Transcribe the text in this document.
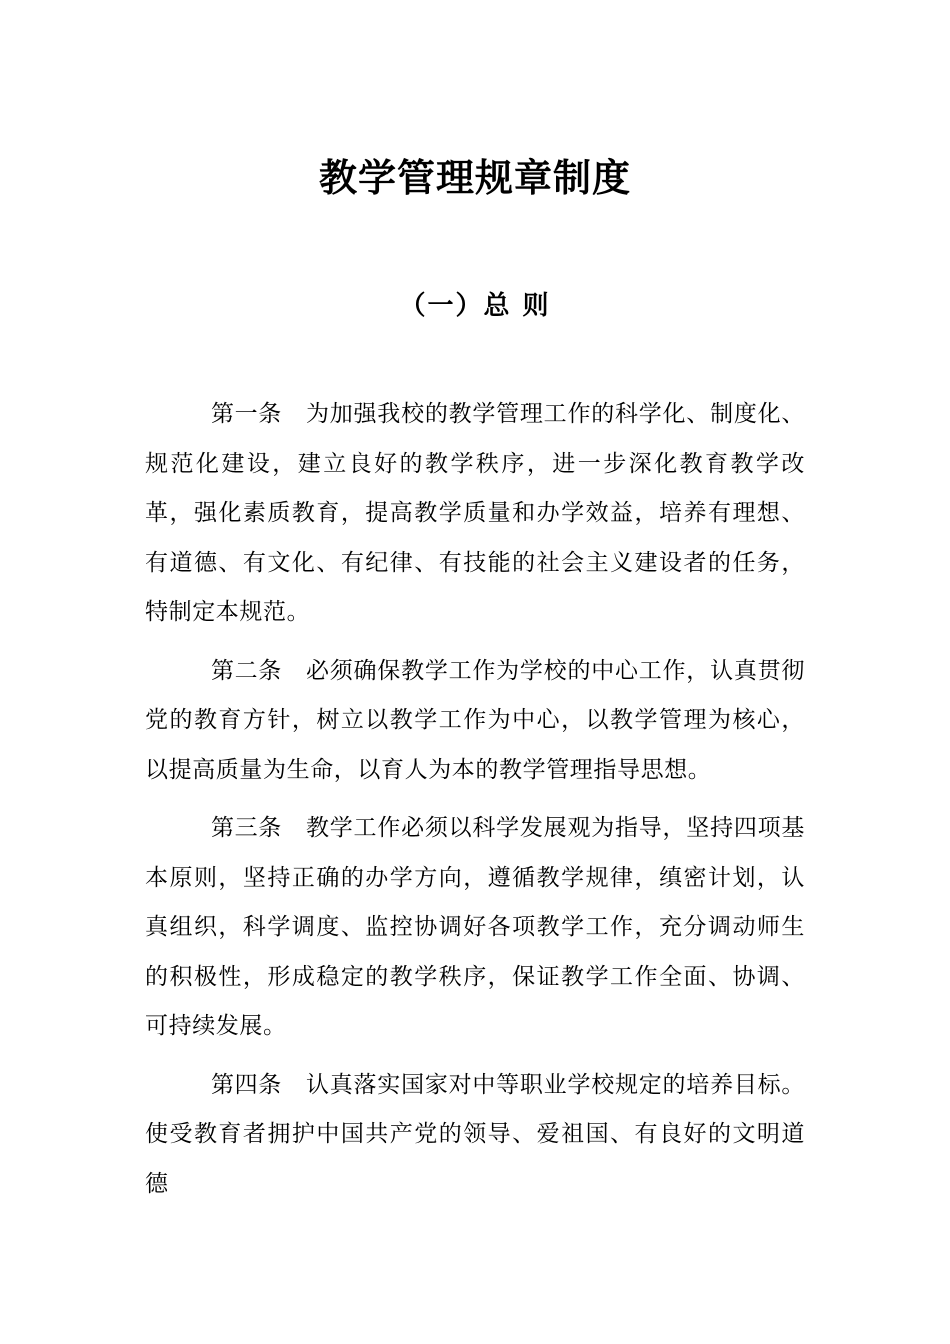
教学管理规章制度
（一）总 则

第一条 为加强我校的教学管理工作的科学化、制度化、规范化建设，建立良好的教学秩序，进一步深化教育教学改革，强化素质教育，提高教学质量和办学效益，培养有理想、有道德、有文化、有纪律、有技能的社会主义建设者的任务，特制定本规范。

第二条 必须确保教学工作为学校的中心工作，认真贯彻党的教育方针，树立以教学工作为中心，以教学管理为核心，以提高质量为生命，以育人为本的教学管理指导思想。

第三条 教学工作必须以科学发展观为指导，坚持四项基本原则，坚持正确的办学方向，遵循教学规律，缜密计划，认真组织，科学调度、监控协调好各项教学工作，充分调动师生的积极性，形成稳定的教学秩序，保证教学工作全面、协调、可持续发展。

第四条 认真落实国家对中等职业学校规定的培养目标。使受教育者拥护中国共产党的领导、爱祖国、有良好的文明道德
